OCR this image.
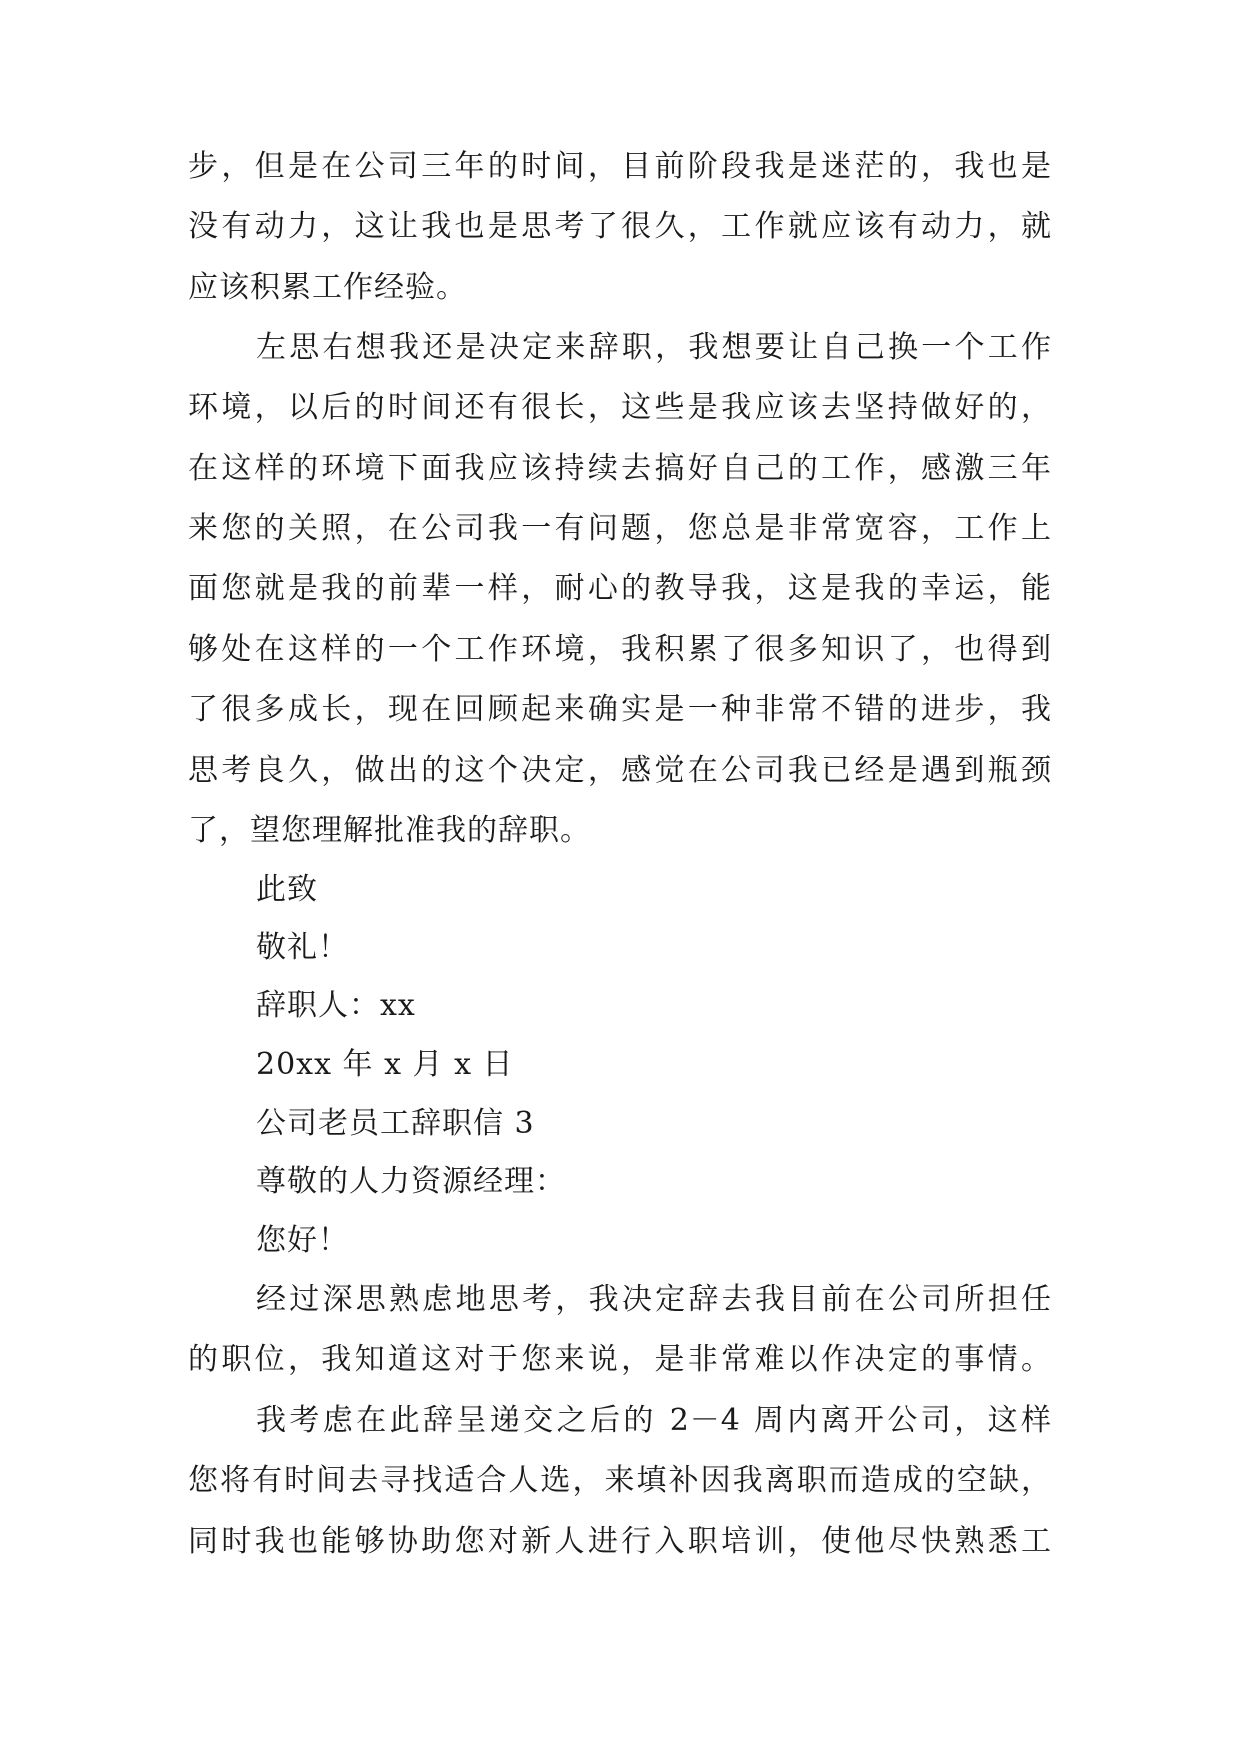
步，但是在公司三年的时间，目前阶段我是迷茫的，我也是
没有动力，这让我也是思考了很久，工作就应该有动力，就
应该积累工作经验。
左思右想我还是决定来辞职，我想要让自己换一个工作
环境，以后的时间还有很长，这些是我应该去坚持做好的，
在这样的环境下面我应该持续去搞好自己的工作，感激三年
来您的关照，在公司我一有问题，您总是非常宽容，工作上
面您就是我的前辈一样，耐心的教导我，这是我的幸运，能
够处在这样的一个工作环境，我积累了很多知识了，也得到
了很多成长，现在回顾起来确实是一种非常不错的进步，我
思考良久，做出的这个决定，感觉在公司我已经是遇到瓶颈
了，望您理解批准我的辞职。
此致
敬礼！
辞职人：xx
20xx 年 x 月 x 日
公司老员工辞职信 3
尊敬的人力资源经理：
您好！
经过深思熟虑地思考，我决定辞去我目前在公司所担任
的职位，我知道这对于您来说，是非常难以作决定的事情。
我考虑在此辞呈递交之后的 2－4 周内离开公司，这样
您将有时间去寻找适合人选，来填补因我离职而造成的空缺，
同时我也能够协助您对新人进行入职培训，使他尽快熟悉工
